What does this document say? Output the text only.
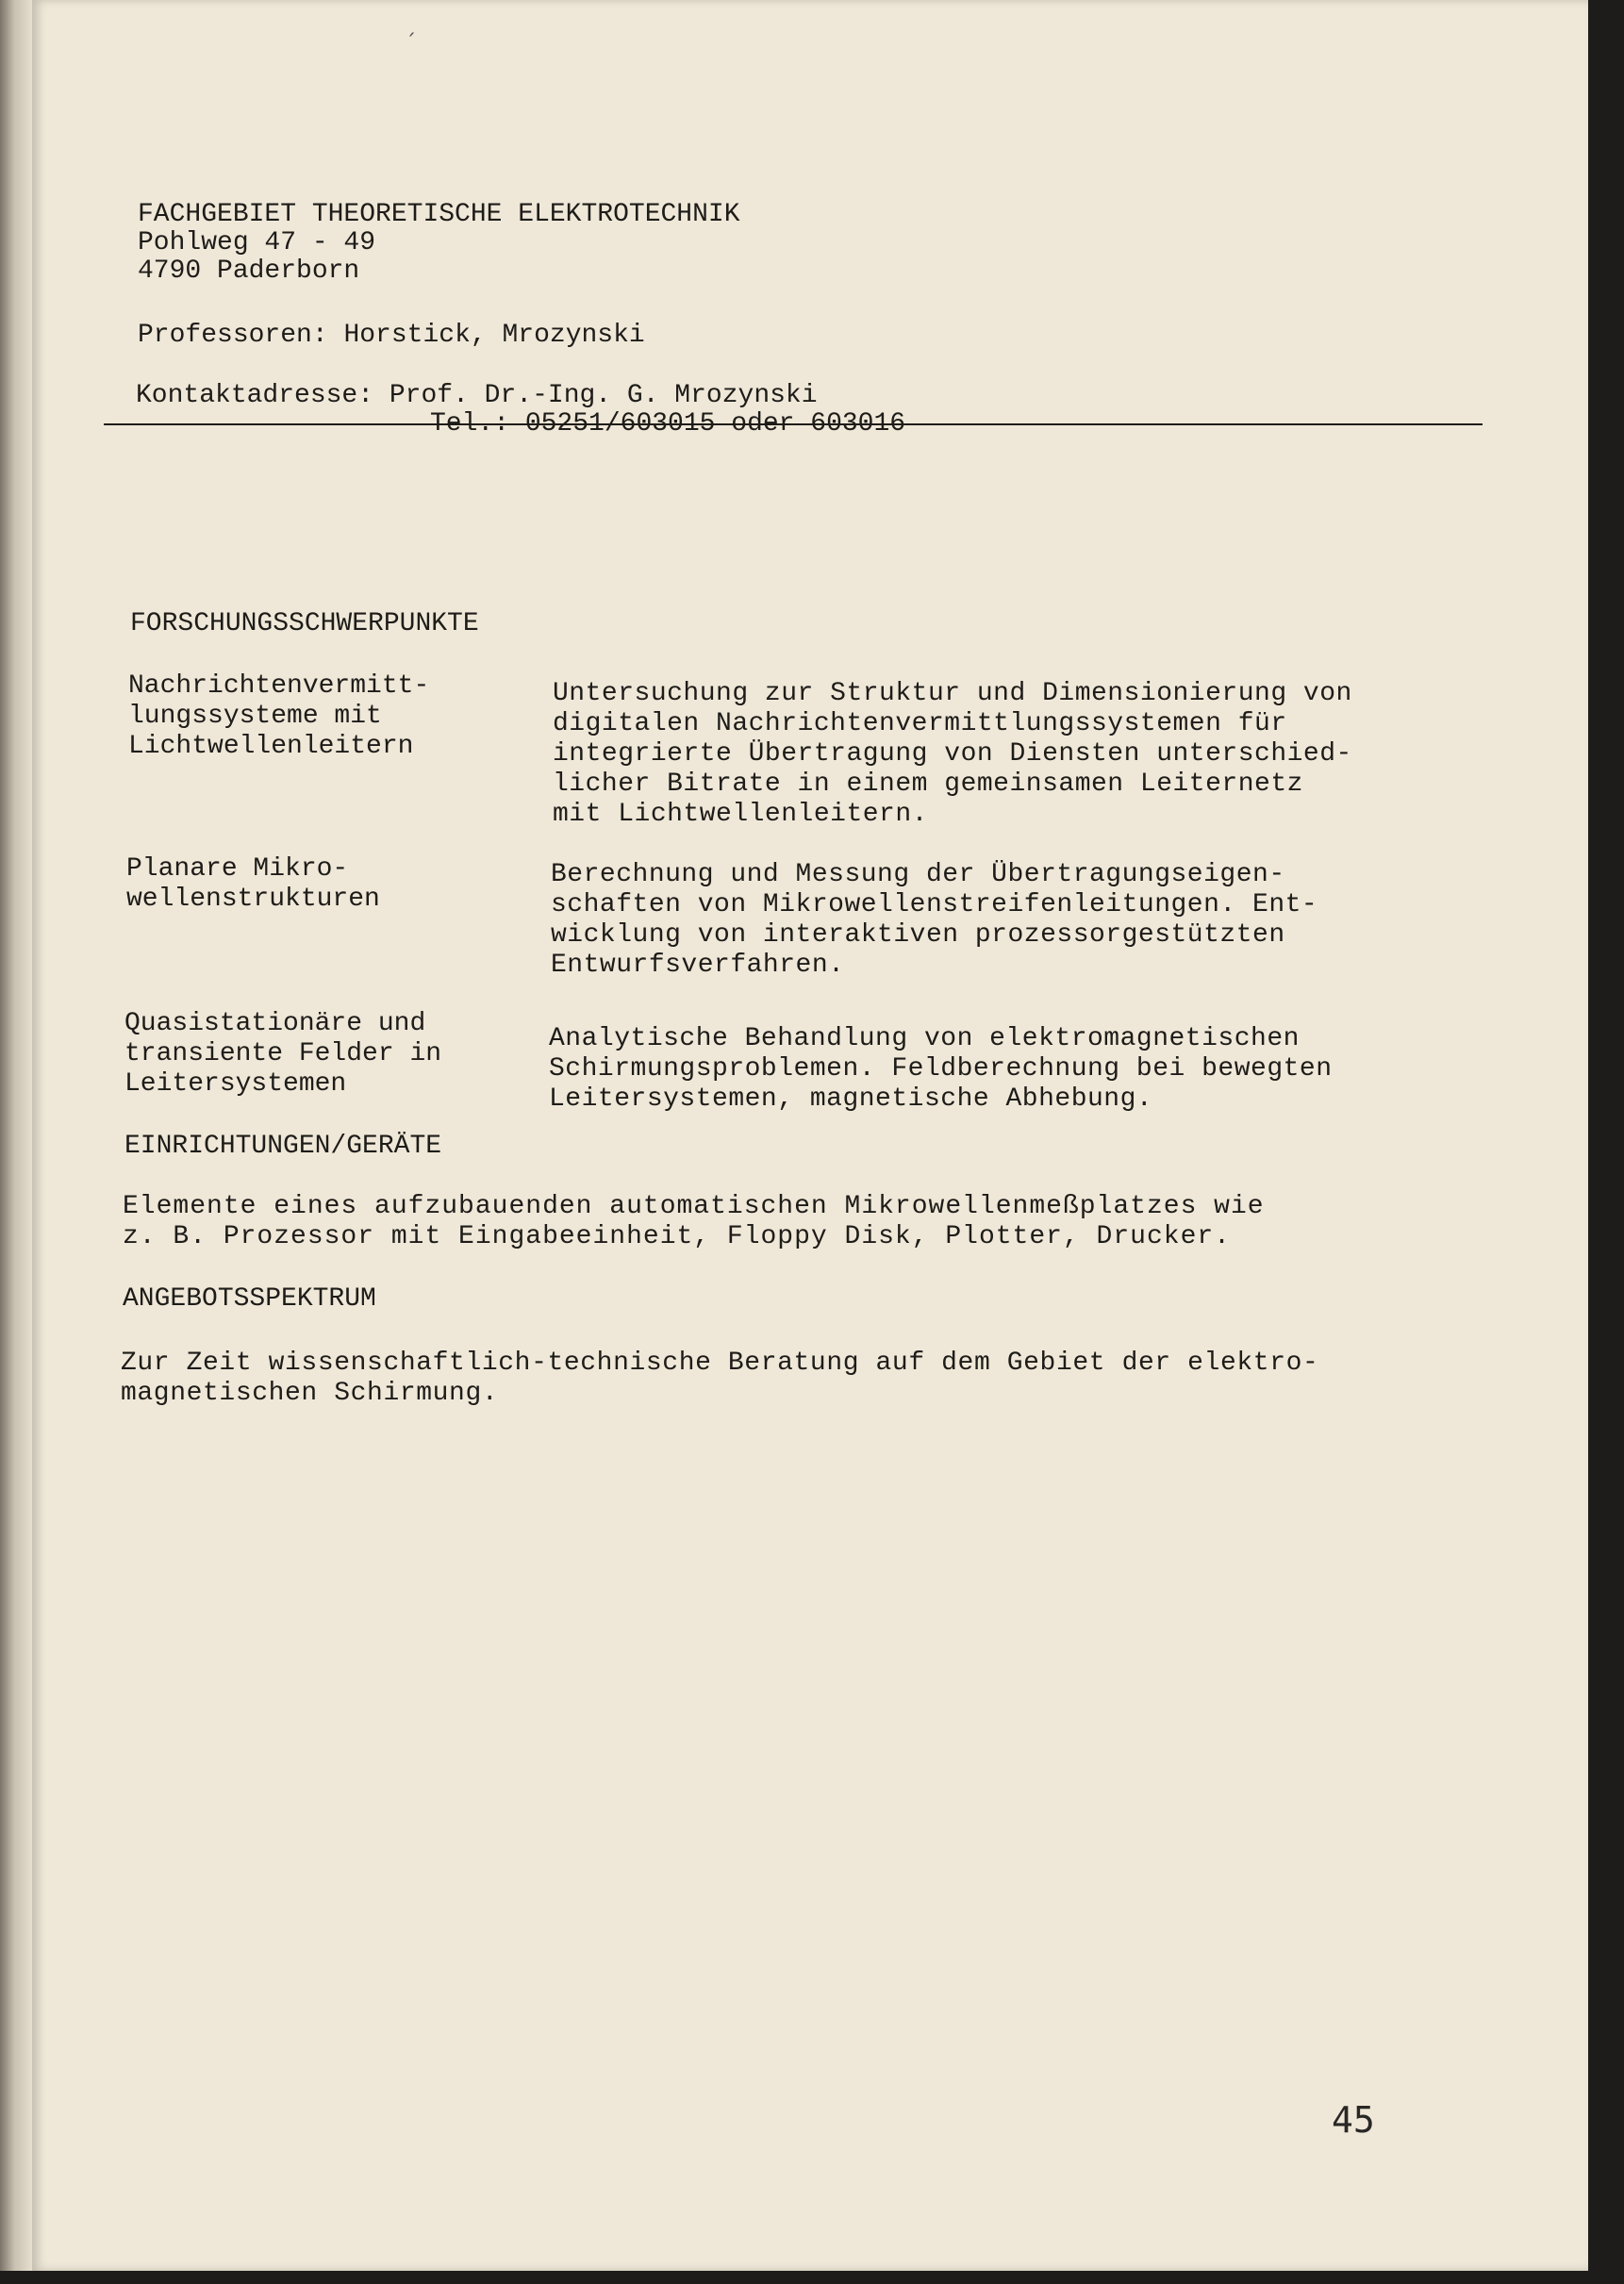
ˏ

FACHGEBIET THEORETISCHE ELEKTROTECHNIK

Pohlweg 47 - 49

4790 Paderborn

Professoren: Horstick, Mrozynski

Kontaktadresse: Prof. Dr.-Ing. G. Mrozynski

Tel.: 05251/603015 oder 603016

FORSCHUNGSSCHWERPUNKTE

Nachrichtenvermitt-
lungssysteme mit
Lichtwellenleitern

Untersuchung zur Struktur und Dimensionierung von
digitalen Nachrichtenvermittlungssystemen für
integrierte Übertragung von Diensten unterschied-
licher Bitrate in einem gemeinsamen Leiternetz
mit Lichtwellenleitern.

Planare Mikro-
wellenstrukturen

Berechnung und Messung der Übertragungseigen-
schaften von Mikrowellenstreifenleitungen. Ent-
wicklung von interaktiven prozessorgestützten
Entwurfsverfahren.

Quasistationäre und
transiente Felder in
Leitersystemen

Analytische Behandlung von elektromagnetischen
Schirmungsproblemen. Feldberechnung bei bewegten
Leitersystemen, magnetische Abhebung.

EINRICHTUNGEN/GERÄTE

Elemente eines aufzubauenden automatischen Mikrowellenmeßplatzes wie
z. B. Prozessor mit Eingabeeinheit, Floppy Disk, Plotter, Drucker.

ANGEBOTSSPEKTRUM

Zur Zeit wissenschaftlich-technische Beratung auf dem Gebiet der elektro-
magnetischen Schirmung.

45
